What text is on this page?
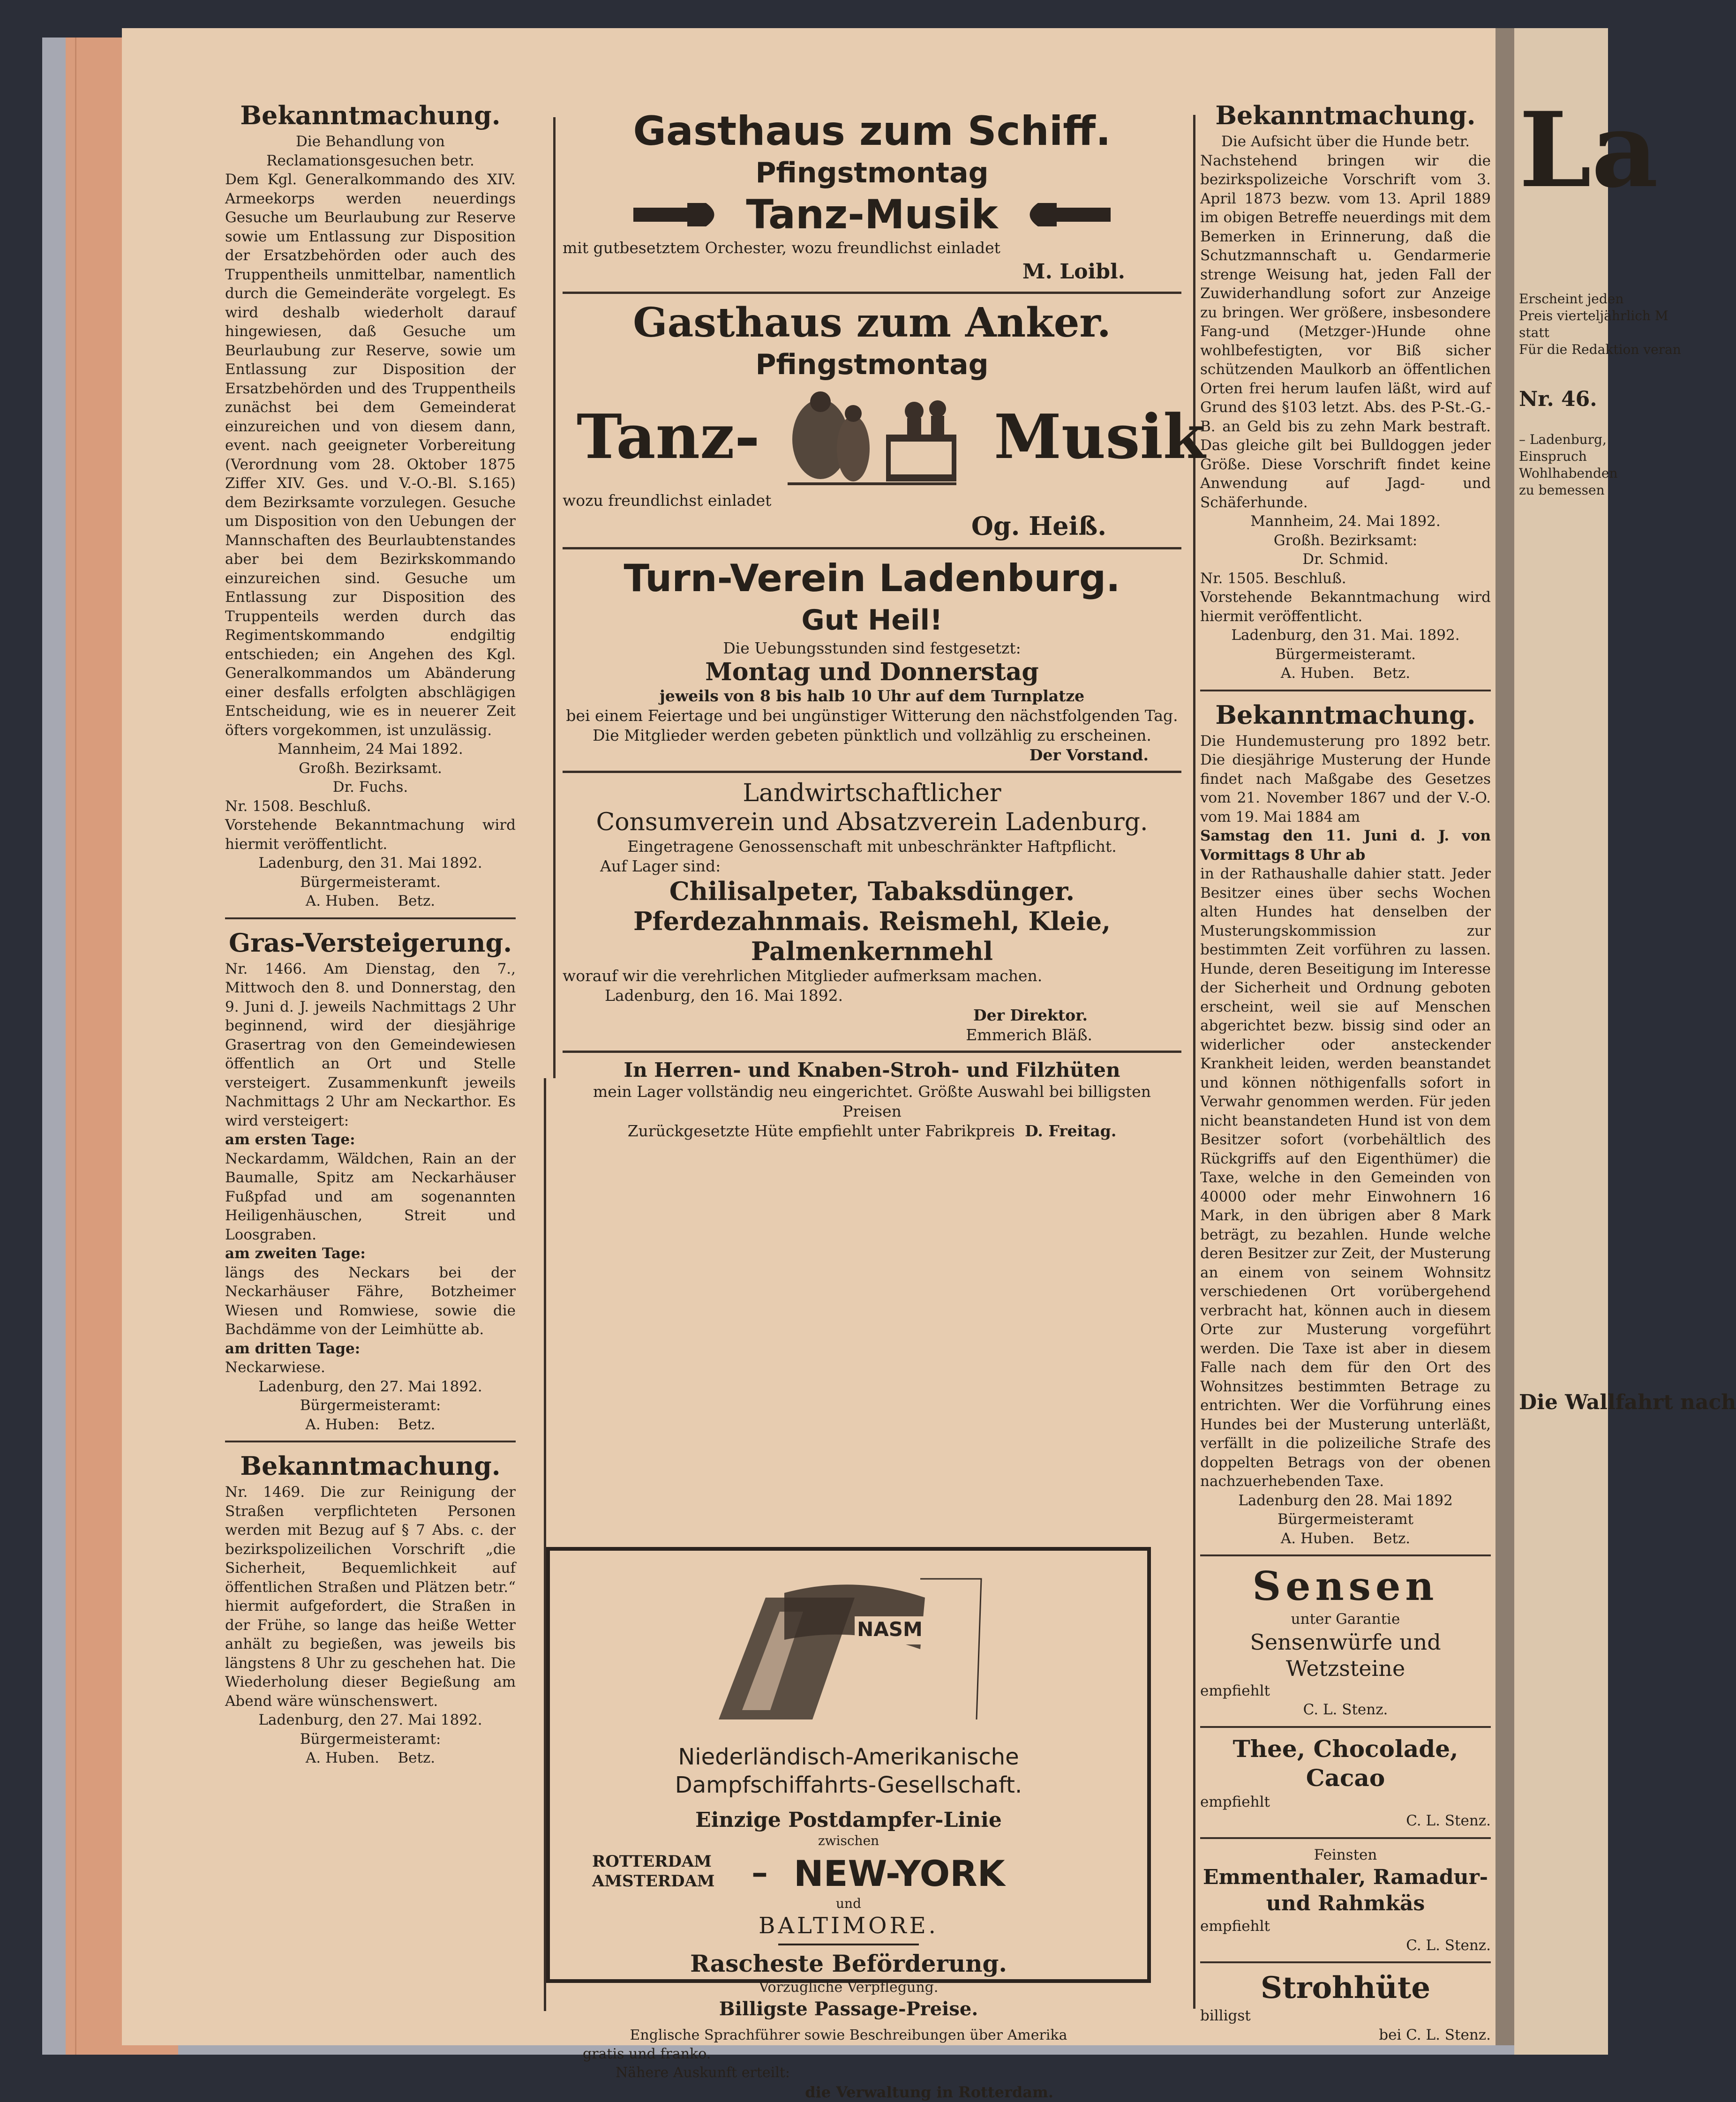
Bekanntmachung.

Die Behandlung von Reclamationsgesuchen betr.

Dem Kgl. Generalkommando des XIV. Armeekorps werden neuerdings Gesuche um Beurlaubung zur Reserve sowie um Entlassung zur Disposition der Ersatzbehörden oder auch des Truppentheils unmittelbar, namentlich durch die Gemeinderäte vorgelegt. Es wird deshalb wiederholt darauf hingewiesen, daß Gesuche um Beurlaubung zur Reserve, sowie um Entlassung zur Disposition der Ersatzbehörden und des Truppentheils zunächst bei dem Gemeinderat einzureichen und von diesem dann, event. nach geeigneter Vorbereitung (Verordnung vom 28. Oktober 1875 Ziffer XIV. Ges. und V.-O.-Bl. S.165) dem Bezirksamte vorzulegen. Gesuche um Disposition von den Uebungen der Mannschaften des Beurlaubtenstandes aber bei dem Bezirkskommando einzureichen sind. Gesuche um Entlassung zur Disposition des Truppenteils werden durch das Regimentskommando endgiltig entschieden; ein Angehen des Kgl. Generalkommandos um Abänderung einer desfalls erfolgten abschlägigen Entscheidung, wie es in neuerer Zeit öfters vorgekommen, ist unzulässig.

Mannheim, 24 Mai 1892.

Großh. Bezirksamt.

Dr. Fuchs.

Nr. 1508. Beschluß.

Vorstehende Bekanntmachung wird hiermit veröffentlicht.

Ladenburg, den 31. Mai 1892.

Bürgermeisteramt.

A. Huben. Betz.

Gras-Versteigerung.

Nr. 1466. Am Dienstag, den 7., Mittwoch den 8. und Donnerstag, den 9. Juni d. J. jeweils Nachmittags 2 Uhr beginnend, wird der diesjährige Grasertrag von den Gemeindewiesen öffentlich an Ort und Stelle versteigert. Zusammenkunft jeweils Nachmittags 2 Uhr am Neckarthor. Es wird versteigert:

am ersten Tage:

Neckardamm, Wäldchen, Rain an der Baumalle, Spitz am Neckarhäuser Fußpfad und am sogenannten Heiligenhäuschen, Streit und Loosgraben.

am zweiten Tage:

längs des Neckars bei der Neckarhäuser Fähre, Botzheimer Wiesen und Romwiese, sowie die Bachdämme von der Leimhütte ab.

am dritten Tage:

Neckarwiese.

Ladenburg, den 27. Mai 1892.

Bürgermeisteramt:

A. Huben: Betz.

Bekanntmachung.

Nr. 1469. Die zur Reinigung der Straßen verpflichteten Personen werden mit Bezug auf § 7 Abs. c. der bezirkspolizeilichen Vorschrift „die Sicherheit, Bequemlichkeit auf öffentlichen Straßen und Plätzen betr.“ hiermit aufgefordert, die Straßen in der Frühe, so lange das heiße Wetter anhält zu begießen, was jeweils bis längstens 8 Uhr zu geschehen hat. Die Wiederholung dieser Begießung am Abend wäre wünschenswert.

Ladenburg, den 27. Mai 1892.

Bürgermeisteramt:

A. Huben. Betz.

Gasthaus zum Schiff.
Pfingstmontag
Tanz-Musik

mit gutbesetztem Orchester, wozu freundlichst einladet

M. Loibl.

Gasthaus zum Anker.
Pfingstmontag
Tanz-	Musik

wozu freundlichst einladet

Og. Heiß.

Turn-Verein Ladenburg.
Gut Heil!

Die Uebungsstunden sind festgesetzt:

Montag und Donnerstag

jeweils von 8 bis halb 10 Uhr auf dem Turnplatze

bei einem Feiertage und bei ungünstiger Witterung den nächstfolgenden Tag.

Die Mitglieder werden gebeten pünktlich und vollzählig zu erscheinen.

Der Vorstand.

Landwirtschaftlicher

Consumverein und Absatzverein Ladenburg.

Eingetragene Genossenschaft mit unbeschränkter Haftpflicht.

Auf Lager sind:

Chilisalpeter, Tabaksdünger.

Pferdezahnmais. Reismehl, Kleie,

Palmenkernmehl

worauf wir die verehrlichen Mitglieder aufmerksam machen.

Ladenburg, den 16. Mai 1892.

Der Direktor.

Emmerich Bläß.

In Herren- und Knaben-Stroh- und Filzhüten

mein Lager vollständig neu eingerichtet. Größte Auswahl bei billigsten Preisen

Zurückgesetzte Hüte empfiehlt unter Fabrikpreis D. Freitag.

NASM

Niederländisch-Amerikanische

Dampfschiffahrts-Gesellschaft.

Einzige Postdampfer-Linie

zwischen

ROTTERDAM
AMSTERDAM – NEW-YORK

und

BALTIMORE.

Raschestе Beförderung.

Vorzügliche Verpflegung.

Billigste Passage-Preise.

Englische Sprachführer sowie Beschreibungen über Amerika

gratis und franko.

Nähere Auskunft erteilt:

die Verwaltung in Rotterdam.

Bekanntmachung.

Die Aufsicht über die Hunde betr.

Nachstehend bringen wir die bezirkspolizeiche Vorschrift vom 3. April 1873 bezw. vom 13. April 1889 im obigen Betreffe neuerdings mit dem Bemerken in Erinnerung, daß die Schutzmannschaft u. Gendarmerie strenge Weisung hat, jeden Fall der Zuwiderhandlung sofort zur Anzeige zu bringen. Wer größere, insbesondere Fang-und (Metzger-)Hunde ohne wohlbefestigten, vor Biß sicher schützenden Maulkorb an öffentlichen Orten frei herum laufen läßt, wird auf Grund des §103 letzt. Abs. des P-St.-G.-B. an Geld bis zu zehn Mark bestraft. Das gleiche gilt bei Bulldoggen jeder Größe. Diese Vorschrift findet keine Anwendung auf Jagd- und Schäferhunde.

Mannheim, 24. Mai 1892.

Großh. Bezirksamt:

Dr. Schmid.

Nr. 1505. Beschluß.

Vorstehende Bekanntmachung wird hiermit veröffentlicht.

Ladenburg, den 31. Mai. 1892.

Bürgermeisteramt.

A. Huben. Betz.

Bekanntmachung.

Die Hundemusterung pro 1892 betr. Die diesjährige Musterung der Hunde findet nach Maßgabe des Gesetzes vom 21. November 1867 und der V.-O. vom 19. Mai 1884 am

Samstag den 11. Juni d. J. von Vormittags 8 Uhr ab

in der Rathaushalle dahier statt. Jeder Besitzer eines über sechs Wochen alten Hundes hat denselben der Musterungskommission zur bestimmten Zeit vorführen zu lassen. Hunde, deren Beseitigung im Interesse der Sicherheit und Ordnung geboten erscheint, weil sie auf Menschen abgerichtet bezw. bissig sind oder an widerlicher oder ansteckender Krankheit leiden, werden beanstandet und können nöthigenfalls sofort in Verwahr genommen werden. Für jeden nicht beanstandeten Hund ist von dem Besitzer sofort (vorbehältlich des Rückgriffs auf den Eigenthümer) die Taxe, welche in den Gemeinden von 40000 oder mehr Einwohnern 16 Mark, in den übrigen aber 8 Mark beträgt, zu bezahlen. Hunde welche deren Besitzer zur Zeit, der Musterung an einem von seinem Wohnsitz verschiedenen Ort vorübergehend verbracht hat, können auch in diesem Orte zur Musterung vorgeführt werden. Die Taxe ist aber in diesem Falle nach dem für den Ort des Wohnsitzes bestimmten Betrage zu entrichten. Wer die Vorführung eines Hundes bei der Musterung unterläßt, verfällt in die polizeiliche Strafe des doppelten Betrags von der obenen nachzuerhebenden Taxe.

Ladenburg den 28. Mai 1892

Bürgermeisteramt

A. Huben. Betz.

Sensen

unter Garantie

Sensenwürfe und Wetzsteine

empfiehlt

C. L. Stenz.

Thee, Chocolade, Cacao

empfiehlt

C. L. Stenz.

Feinsten

Emmenthaler, Ramadur-und Rahmkäs

empfiehlt

C. L. Stenz.

Strohhüte

billigst

bei C. L. Stenz.

La
Erscheint jeden
Preis vierteljährlich M
statt
Für die Redaktion veran
Nr. 46.
– Ladenburg,
Einspruch
Wohlhabenden
zu bemessen
Die Wallfahrt nach
